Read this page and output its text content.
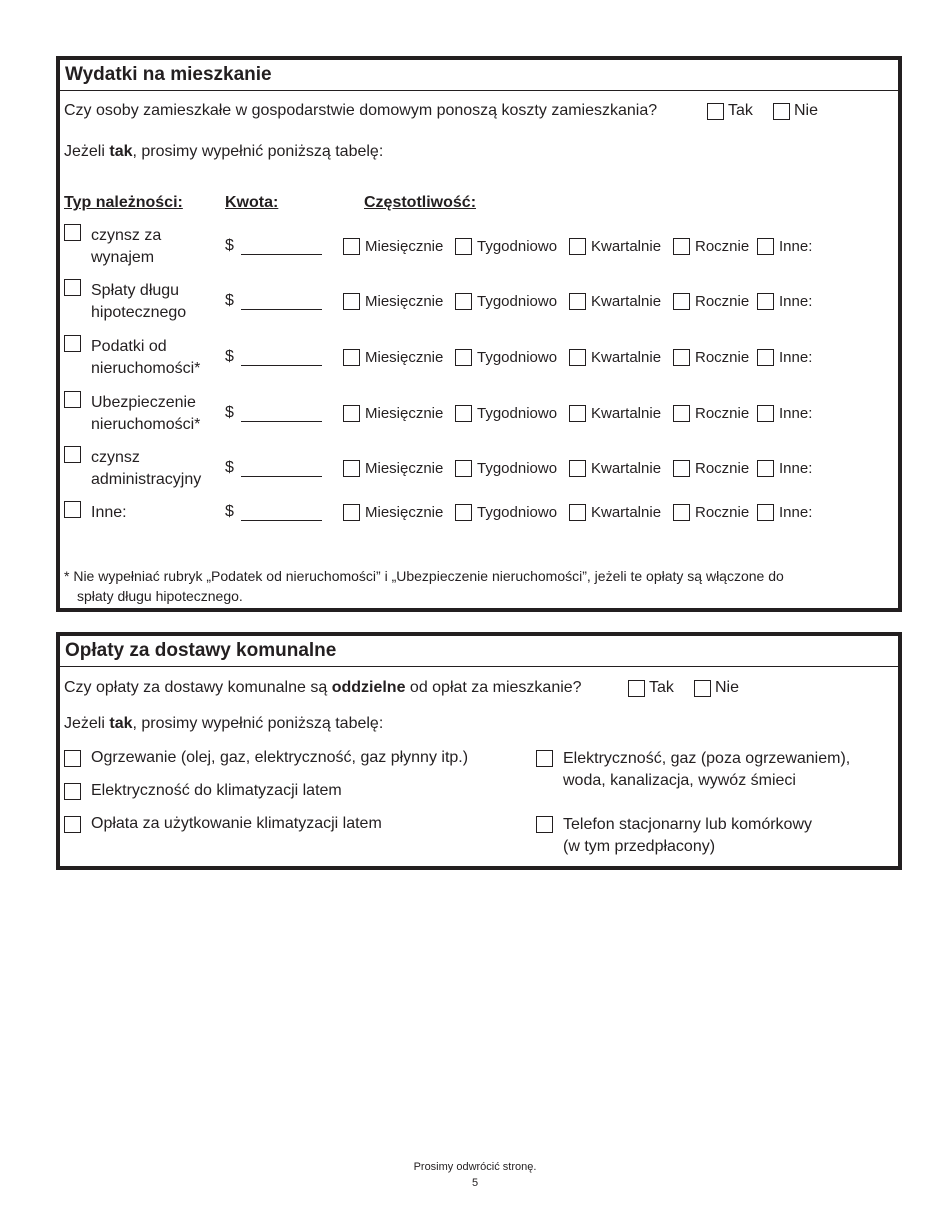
Wydatki na mieszkanie
Czy osoby zamieszkałe w gospodarstwie domowym ponoszą koszty zamieszkania?	Tak	Nie
Jeżeli tak, prosimy wypełnić poniższą tabelę:
Typ należności:	Kwota:	Częstotliwość:
czynsz za
wynajem
$	Miesięcznie Tygodniowo Kwartalnie Rocznie Inne:
Spłaty długu
hipotecznego
$	Miesięcznie Tygodniowo Kwartalnie Rocznie Inne:
Podatki od
nieruchomości*
$	Miesięcznie Tygodniowo Kwartalnie Rocznie Inne:
Ubezpieczenie
nieruchomości*
$	Miesięcznie Tygodniowo Kwartalnie Rocznie Inne:
czynsz
administracyjny
$	Miesięcznie Tygodniowo Kwartalnie Rocznie Inne:
Inne:	$	Miesięcznie Tygodniowo Kwartalnie Rocznie Inne:
* Nie wypełniać rubryk „Podatek od nieruchomości” i „Ubezpieczenie nieruchomości”, jeżeli te opłaty są włączone do
spłaty długu hipotecznego.
Opłaty za dostawy komunalne
Czy opłaty za dostawy komunalne są oddzielne od opłat za mieszkanie?	Tak	Nie
Jeżeli tak, prosimy wypełnić poniższą tabelę:
Ogrzewanie (olej, gaz, elektryczność, gaz płynny itp.)
Elektryczność do klimatyzacji latem
Opłata za użytkowanie klimatyzacji latem
Elektryczność, gaz (poza ogrzewaniem),
woda, kanalizacja, wywóz śmieci
Telefon stacjonarny lub komórkowy
(w tym przedpłacony)
Prosimy odwrócić stronę.
5
